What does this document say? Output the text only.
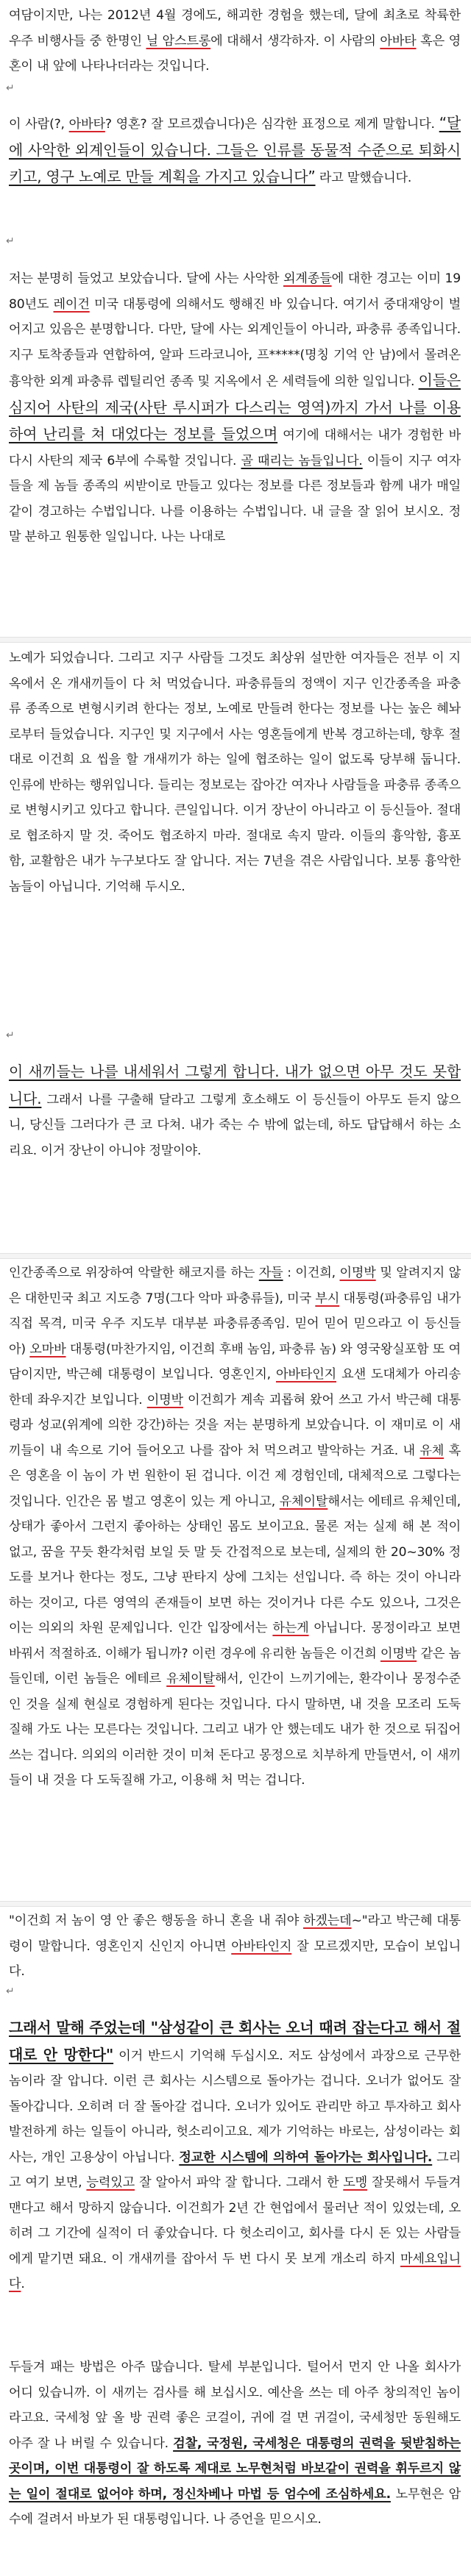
여담이지만, 나는 2012년 4월 경에도, 해괴한 경험을 했는데, 달에 최초로 착륙한 우주 비행사들 중 한명인 닐 암스트롱에 대해서 생각하자. 이 사람의 아바타 혹은 영혼이 내 앞에 나타나더라는 것입니다.

↵

이 사람(?, 아바타? 영혼? 잘 모르겠습니다)은 심각한 표정으로 제게 말합니다. “달에 사악한 외계인들이 있습니다. 그들은 인류를 동물적 수준으로 퇴화시키고, 영구 노예로 만들 계획을 가지고 있습니다” 라고 말했습니다.

↵

저는 분명히 들었고 보았습니다. 달에 사는 사악한 외계종들에 대한 경고는 이미 1980년도 레이건 미국 대통령에 의해서도 행해진 바 있습니다. 여기서 중대재앙이 벌어지고 있음은 분명합니다. 다만, 달에 사는 외계인들이 아니라, 파충류 종족입니다. 지구 토착종들과 연합하여, 알파 드라코니아, 프*****(명칭 기억 안 남)에서 몰려온 흉악한 외계 파충류 렙틸리언 종족 및 지옥에서 온 세력들에 의한 일입니다. 이들은 심지어 사탄의 제국(사탄 루시퍼가 다스리는 영역)까지 가서 나를 이용하여 난리를 쳐 대었다는 정보를 들었으며 여기에 대해서는 내가 경험한 바 다시 사탄의 제국 6부에 수록할 것입니다. 골 때리는 놈들입니다. 이들이 지구 여자들을 제 놈들 종족의 씨받이로 만들고 있다는 정보를 다른 정보들과 함께 내가 매일 같이 경고하는 수법입니다. 나를 이용하는 수법입니다. 내 글을 잘 읽어 보시오. 정말 분하고 원통한 일입니다. 나는 나대로

노예가 되었습니다. 그리고 지구 사람들 그것도 최상위 설만한 여자들은 전부 이 지옥에서 온 개새끼들이 다 처 먹었습니다. 파충류들의 정액이 지구 인간종족을 파충류 종족으로 변형시키려 한다는 정보, 노예로 만들려 한다는 정보를 나는 높은 혜놔로부터 들었습니다. 지구인 및 지구에서 사는 영혼들에게 반복 경고하는데, 향후 절대로 이건희 요 씹을 할 개새끼가 하는 일에 협조하는 일이 없도록 당부해 둡니다. 인류에 반하는 행위입니다. 들리는 정보로는 잡아간 여자나 사람들을 파충류 종족으로 변형시키고 있다고 합니다. 큰일입니다. 이거 장난이 아니라고 이 등신들아. 절대로 협조하지 말 것. 죽어도 협조하지 마라. 절대로 속지 말라. 이들의 흉악함, 흉포함, 교활함은 내가 누구보다도 잘 압니다. 저는 7년을 겪은 사람입니다. 보통 흉악한 놈들이 아닙니다. 기억해 두시오.

↵

이 새끼들는 나를 내세워서 그렇게 합니다. 내가 없으면 아무 것도 못합니다. 그래서 나를 구출해 달라고 그렇게 호소해도 이 등신들이 아무도 듣지 않으니, 당신들 그러다가 큰 코 다쳐. 내가 죽는 수 밖에 없는데, 하도 답답해서 하는 소리요. 이거 장난이 아니야 정말이야.

인간종족으로 위장하여 악랄한 해코지를 하는 자들 : 이건희, 이명박 및 알려지지 않은 대한민국 최고 지도층 7명(그다 악마 파충류들), 미국 부시 대통령(파충류임 내가 직접 목격, 미국 우주 지도부 대부분 파충류종족임. 믿어 믿어 믿으라고 이 등신들아) 오마바 대통령(마찬가지임, 이건희 후배 놈임, 파충류 놈) 와 영국왕실포함 또 여담이지만, 박근혜 대통령이 보입니다. 영혼인지, 아바타인지 요샌 도대체가 아리송한데 좌우지간 보입니다. 이명박 이건희가 계속 괴롭혀 왔어 쓰고 가서 박근혜 대통령과 성교(위계에 의한 강간)하는 것을 저는 분명하게 보았습니다. 이 재미로 이 새끼들이 내 속으로 기어 들어오고 나를 잡아 처 먹으려고 발악하는 거죠. 내 유체 혹은 영혼을 이 놈이 가 번 원한이 된 겁니다. 이건 제 경험인데, 대체적으로 그렇다는 것입니다. 인간은 몸 벌고 영혼이 있는 게 아니고, 유체이탈해서는 에테르 유체인데, 상태가 좋아서 그런지 좋아하는 상태인 몸도 보이고요. 물론 저는 실제 해 본 적이 없고, 꿈을 꾸듯 환각처럼 보일 듯 말 듯 간접적으로 보는데, 실제의 한 20~30% 정도를 보거나 한다는 정도, 그냥 판타지 상에 그치는 선입니다. 즉 하는 것이 아니라 하는 것이고, 다른 영역의 존재들이 보면 하는 것이거나 다른 수도 있으나, 그것은 이는 의외의 차원 문제입니다. 인간 입장에서는 하는게 아닙니다. 몽정이라고 보면 바꿔서 적절하죠. 이해가 됩니까? 이런 경우에 유리한 놈들은 이건희 이명박 같은 놈들인데, 이런 놈들은 에테르 유체이탈해서, 인간이 느끼기에는, 환각이나 몽정수준인 것을 실제 현실로 경험하게 된다는 것입니다. 다시 말하면, 내 것을 모조리 도둑질해 가도 나는 모른다는 것입니다. 그리고 내가 안 했는데도 내가 한 것으로 뒤집어 쓰는 겁니다. 의외의 이러한 것이 미쳐 돈다고 몽정으로 치부하게 만들면서, 이 새끼들이 내 것을 다 도둑질해 가고, 이용해 처 먹는 겁니다.

"이건희 저 놈이 영 안 좋은 행동을 하니 혼을 내 줘야 하겠는데~"라고 박근혜 대통령이 말합니다. 영혼인지 신인지 아니면 아바타인지 잘 모르겠지만, 모습이 보입니다.

↵

그래서 말해 주었는데 "삼성같이 큰 회사는 오너 때려 잡는다고 해서 절대로 안 망한다" 이거 반드시 기억해 두십시오. 저도 삼성에서 과장으로 근무한 놈이라 잘 압니다. 이런 큰 회사는 시스템으로 돌아가는 겁니다. 오너가 없어도 잘 돌아갑니다. 오히려 더 잘 돌아갈 겁니다. 오너가 있어도 관리만 하고 투자하고 회사 발전하게 하는 일들이 아니라, 헛소리이고요. 제가 기억하는 바로는, 삼성이라는 회사는, 개인 고용상이 아닙니다. 정교한 시스템에 의하여 돌아가는 회사입니다. 그리고 여기 보면, 능력있고 잘 알아서 파악 잘 합니다. 그래서 한 도멩 잘못해서 두들겨 맨다고 해서 망하지 않습니다. 이건희가 2년 간 현업에서 물러난 적이 있었는데, 오히려 그 기간에 실적이 더 좋았습니다. 다 헛소리이고, 회사를 다시 돈 있는 사람들에게 맡기면 돼요. 이 개새끼를 잡아서 두 번 다시 못 보게 개소리 하지 마세요입니다.

두들겨 패는 방법은 아주 많습니다. 탈세 부분입니다. 털어서 먼지 안 나올 회사가 어디 있습니까. 이 새끼는 검사를 해 보십시오. 예산을 쓰는 데 아주 창의적인 놈이라고요. 국세청 앞 올 방 권력 좋은 코걸이, 귀에 걸 면 귀걸이, 국세청만 동원해도 아주 잘 나 버릴 수 있습니다. 검찰, 국정원, 국세청은 대통령의 권력을 뒷받침하는 곳이며, 이번 대통령이 잘 하도록 제대로 노무현처럼 바보같이 권력을 휘두르지 않는 일이 절대로 없어야 하며, 정신차베나 마법 등 엄수에 조심하세요. 노무현은 암수에 걸려서 바보가 된 대통령입니다. 나 증언을 믿으시오.
